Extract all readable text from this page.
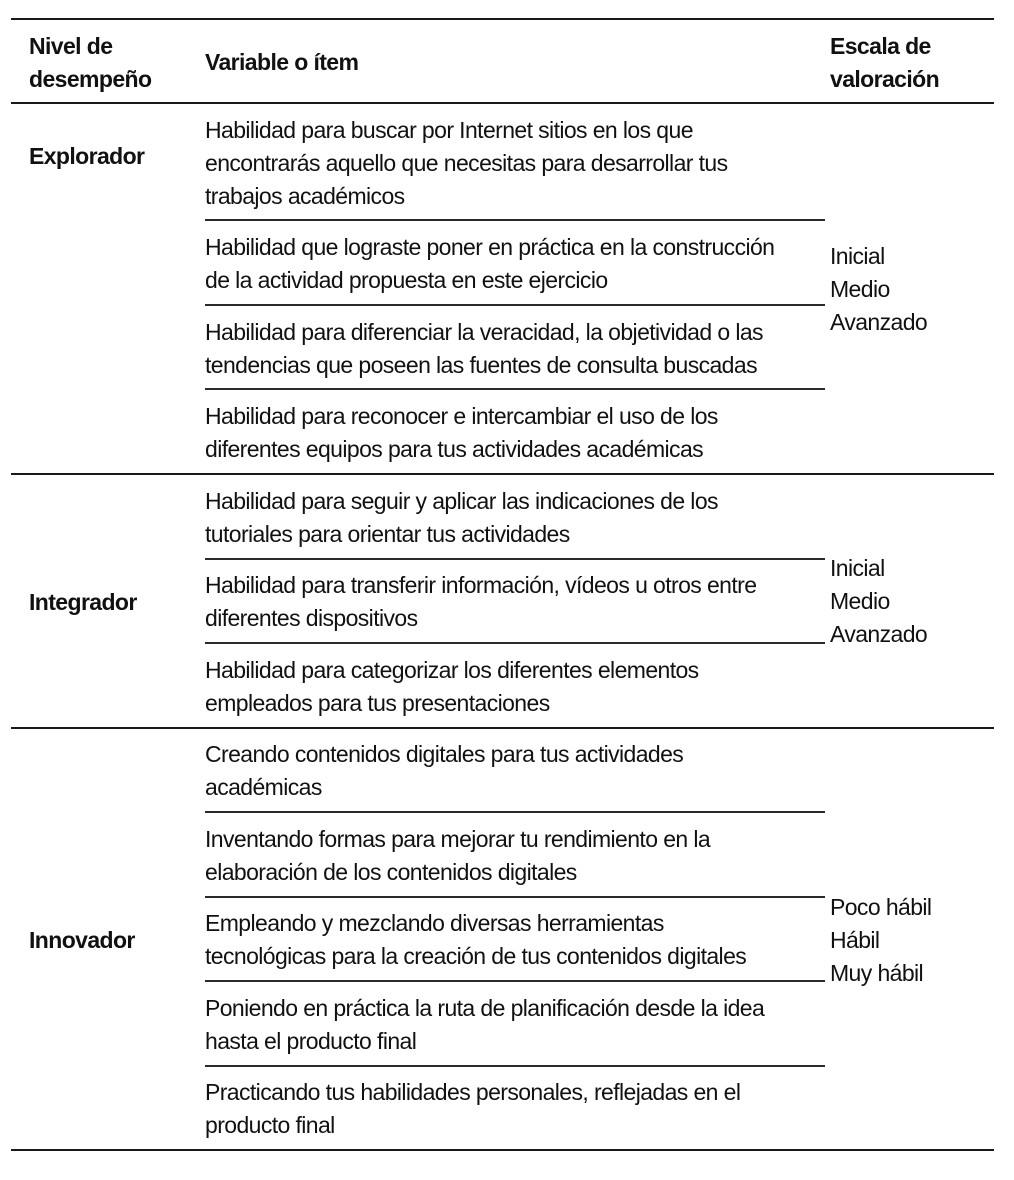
Nivel de
desempeño
Variable o ítem
Escala de
valoración
Explorador
Habilidad para buscar por Internet sitios en los que
encontrarás aquello que necesitas para desarrollar tus
trabajos académicos
Habilidad que lograste poner en práctica en la construcción
de la actividad propuesta en este ejercicio
Habilidad para diferenciar la veracidad, la objetividad o las
tendencias que poseen las fuentes de consulta buscadas
Habilidad para reconocer e intercambiar el uso de los
diferentes equipos para tus actividades académicas
Inicial
Medio
Avanzado
Integrador
Habilidad para seguir y aplicar las indicaciones de los
tutoriales para orientar tus actividades
Habilidad para transferir información, vídeos u otros entre
diferentes dispositivos
Habilidad para categorizar los diferentes elementos
empleados para tus presentaciones
Inicial
Medio
Avanzado
Innovador
Creando contenidos digitales para tus actividades
académicas
Inventando formas para mejorar tu rendimiento en la
elaboración de los contenidos digitales
Empleando y mezclando diversas herramientas
tecnológicas para la creación de tus contenidos digitales
Poniendo en práctica la ruta de planificación desde la idea
hasta el producto final
Practicando tus habilidades personales, reflejadas en el
producto final
Poco hábil
Hábil
Muy hábil
